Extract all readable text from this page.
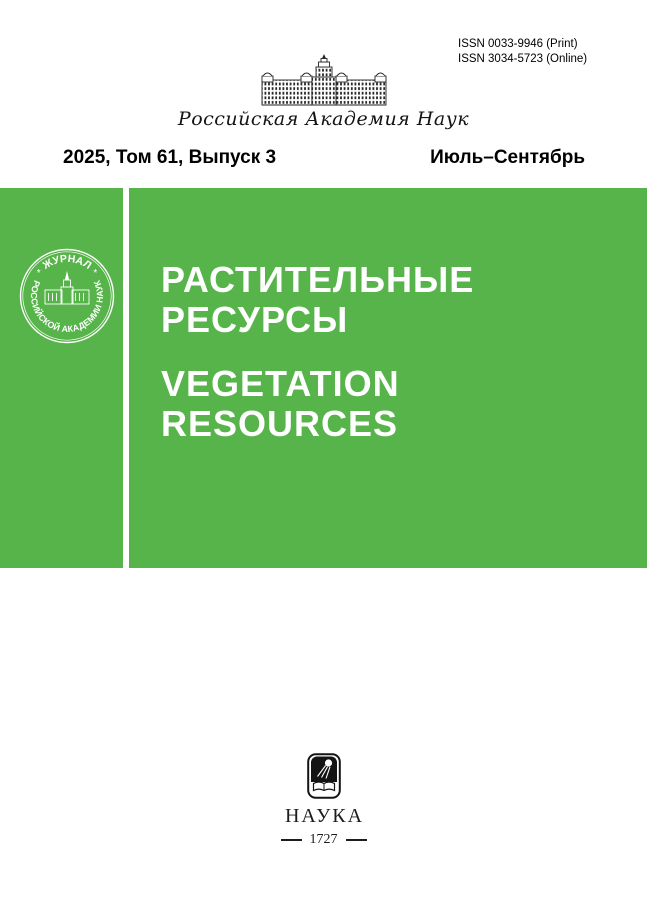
ISSN 0033-9946 (Print)
ISSN 3034-5723 (Online)
Российская Академия Наук
2025, Том 61, Выпуск 3	Июль–Сентябрь
ЖУРНАЛ
РОССИЙСКОЙ АКАДЕМИИ НАУК
*	* РАСТИТЕЛЬНЫЕ
РЕСУРСЫ
VEGETATION
RESOURCES
НАУКА
1727
